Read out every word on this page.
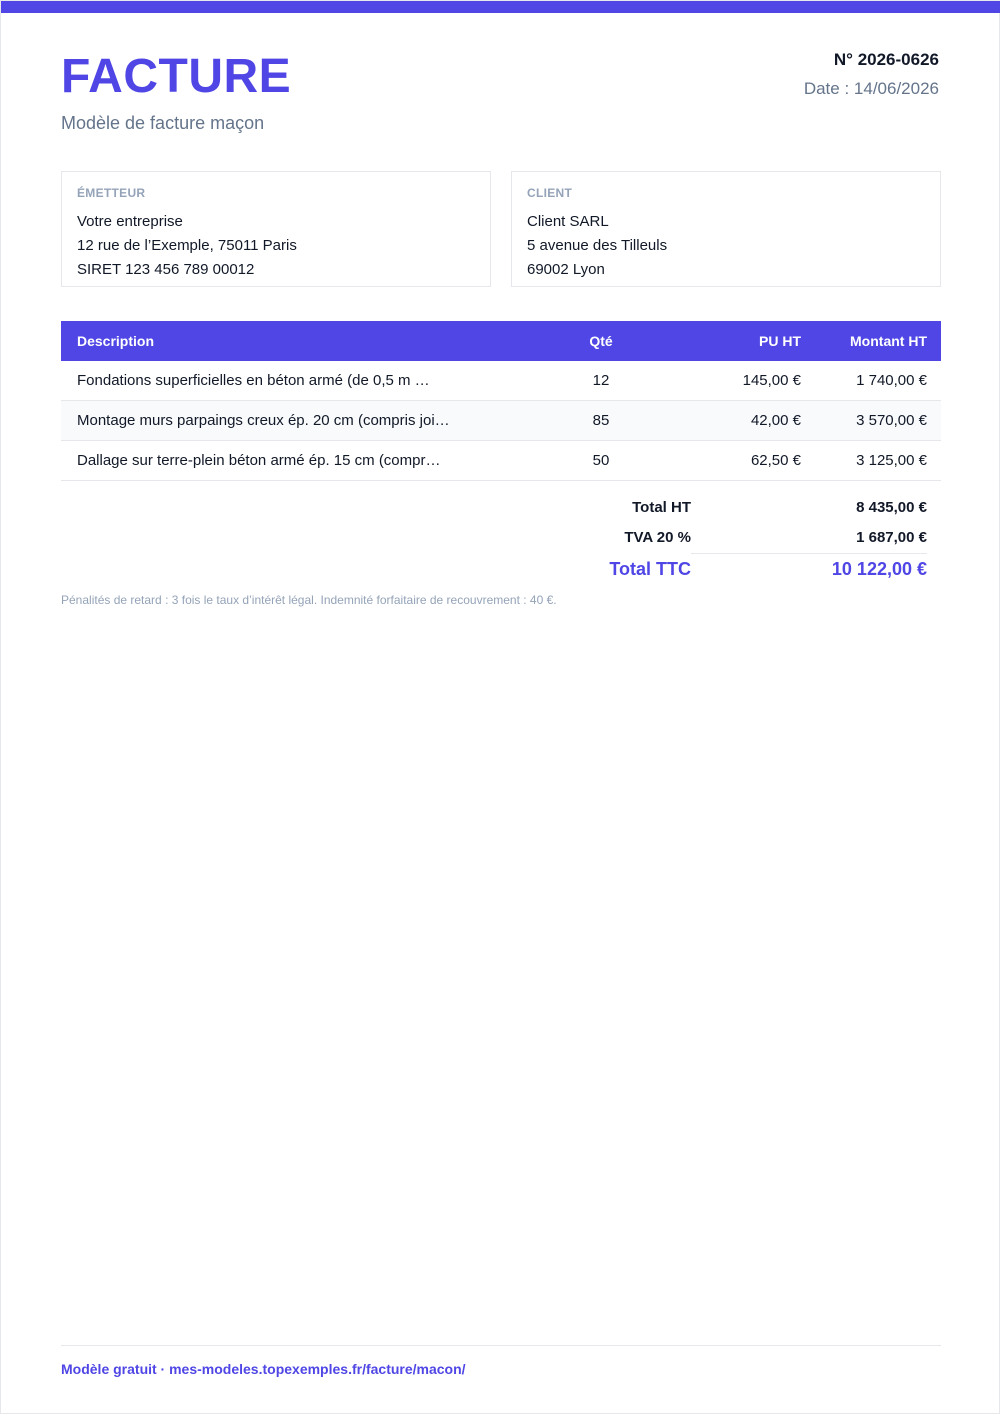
FACTURE
Modèle de facture maçon
N° 2026-0626
Date : 14/06/2026
ÉMETTEUR
Votre entreprise
12 rue de l’Exemple, 75011 Paris
SIRET 123 456 789 00012
CLIENT
Client SARL
5 avenue des Tilleuls
69002 Lyon
Description	Qté	PU HT	Montant HT
Fondations superficielles en béton armé (de 0,5 m …	12	145,00 €	1 740,00 €
Montage murs parpaings creux ép. 20 cm (compris joi…	85	42,00 €	3 570,00 €
Dallage sur terre-plein béton armé ép. 15 cm (compr…	50	62,50 €	3 125,00 €
Total HT	8 435,00 €
TVA 20 %	1 687,00 €
Total TTC	10 122,00 €
Pénalités de retard : 3 fois le taux d’intérêt légal. Indemnité forfaitaire de recouvrement : 40 €.
Modèle gratuit · mes-modeles.topexemples.fr/facture/macon/
